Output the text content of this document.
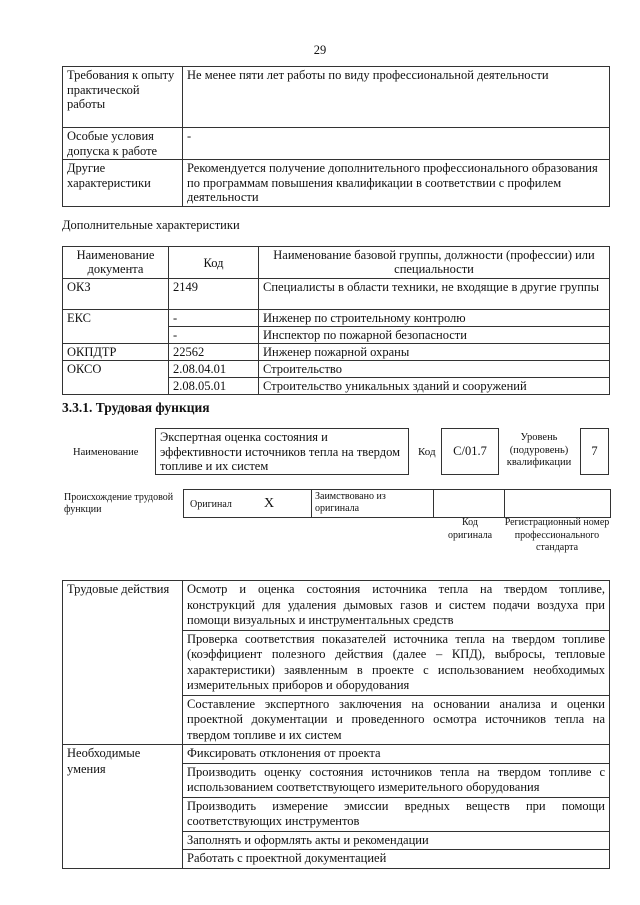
29
Требования к опыту практической работы	Не менее пяти лет работы по виду профессиональной деятельности
Особые условия допуска к работе	-
Другие характеристики	Рекомендуется получение дополнительного профессионального образования по программам повышения квалификации в соответствии с профилем деятельности
Дополнительные характеристики
Наименование документа	Код	Наименование базовой группы, должности (профессии) или специальности
ОКЗ	2149	Специалисты в области техники, не входящие в другие группы
ЕКС	-	Инженер по строительному контролю
	-	Инспектор по пожарной безопасности
ОКПДТР	22562	Инженер пожарной охраны
ОКСО	2.08.04.01	Строительство
	2.08.05.01	Строительство уникальных зданий и сооружений
3.3.1. Трудовая функция
Наименование
Экспертная оценка состояния и эффективности источников тепла на твердом топливе и их систем
Код C/01.7
Уровень (подуровень) квалификации
7
Происхождение трудовой функции	Оригинал X	Заимствовано из оригинала
Код оригинала
Регистрационный номер профессионального стандарта
Трудовые действия	Осмотр и оценка состояния источника тепла на твердом топливе, конструкций для удаления дымовых газов и систем подачи воздуха при помощи визуальных и инструментальных средств
	Проверка соответствия показателей источника тепла на твердом топливе (коэффициент полезного действия (далее – КПД), выбросы, тепловые характеристики) заявленным в проекте с использованием необходимых измерительных приборов и оборудования
	Составление экспертного заключения на основании анализа и оценки проектной документации и проведенного осмотра источников тепла на твердом топливе и их систем
Необходимые умения	Фиксировать отклонения от проекта
	Производить оценку состояния источников тепла на твердом топливе с использованием соответствующего измерительного оборудования
	Производить измерение эмиссии вредных веществ при помощи соответствующих инструментов
	Заполнять и оформлять акты и рекомендации
	Работать с проектной документацией
